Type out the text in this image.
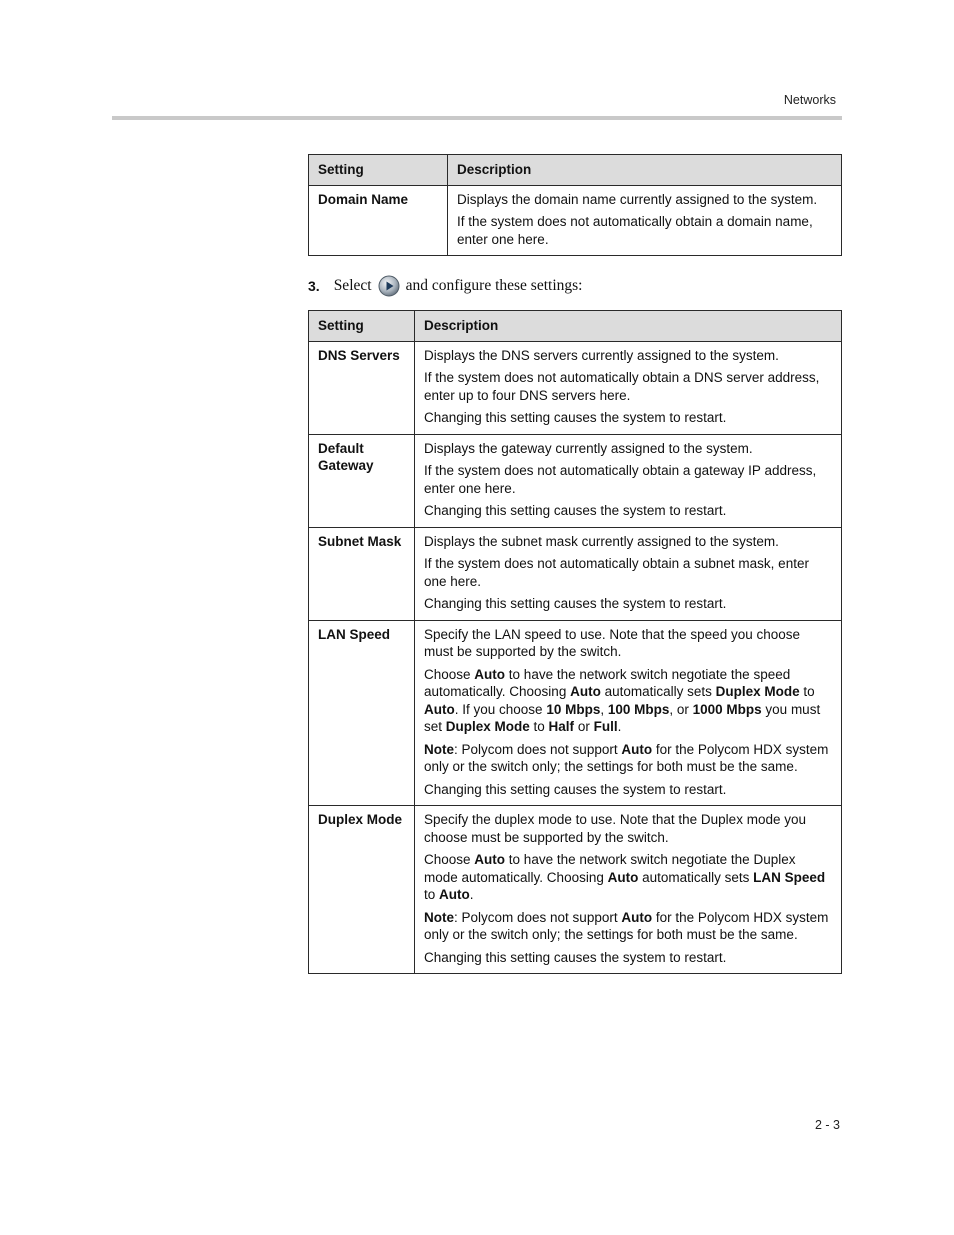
Networks
Setting	Description
Domain Name	Displays the domain name currently assigned to the system.

If the system does not automatically obtain a domain name, enter one here.

3. Select and configure these settings:
Setting	Description
DNS Servers	Displays the DNS servers currently assigned to the system.

If the system does not automatically obtain a DNS server address, enter up to four DNS servers here.

Changing this setting causes the system to restart.

Default Gateway	Displays the gateway currently assigned to the system.

If the system does not automatically obtain a gateway IP address, enter one here.

Changing this setting causes the system to restart.

Subnet Mask	Displays the subnet mask currently assigned to the system.

If the system does not automatically obtain a subnet mask, enter one here.

Changing this setting causes the system to restart.

LAN Speed	Specify the LAN speed to use. Note that the speed you choose must be supported by the switch.

Choose Auto to have the network switch negotiate the speed automatically. Choosing Auto automatically sets Duplex Mode to Auto. If you choose 10 Mbps, 100 Mbps, or 1000 Mbps you must set Duplex Mode to Half or Full.

Note: Polycom does not support Auto for the Polycom HDX system only or the switch only; the settings for both must be the same.

Changing this setting causes the system to restart.

Duplex Mode	Specify the duplex mode to use. Note that the Duplex mode you choose must be supported by the switch.

Choose Auto to have the network switch negotiate the Duplex mode automatically. Choosing Auto automatically sets LAN Speed to Auto.

Note: Polycom does not support Auto for the Polycom HDX system only or the switch only; the settings for both must be the same.

Changing this setting causes the system to restart.

2 - 3
